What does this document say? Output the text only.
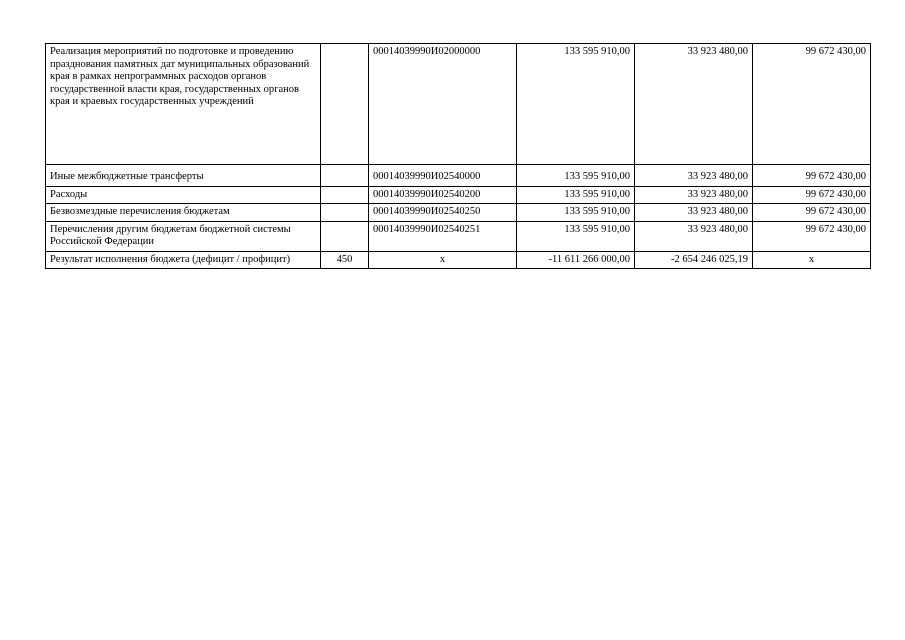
Реализация мероприятий по подготовке и проведению празднования памятных дат муниципальных образований края в рамках непрограммных расходов органов государственной власти края, государственных органов края и краевых государственных учреждений		00014039990И02000000	133 595 910,00	33 923 480,00	99 672 430,00
Иные межбюджетные трансферты		00014039990И02540000	133 595 910,00	33 923 480,00	99 672 430,00
Расходы		00014039990И02540200	133 595 910,00	33 923 480,00	99 672 430,00
Безвозмездные перечисления бюджетам		00014039990И02540250	133 595 910,00	33 923 480,00	99 672 430,00
Перечисления другим бюджетам бюджетной системы Российской Федерации		00014039990И02540251	133 595 910,00	33 923 480,00	99 672 430,00
Результат исполнения бюджета (дефицит / профицит)	450	x	-11 611 266 000,00	-2 654 246 025,19	x
